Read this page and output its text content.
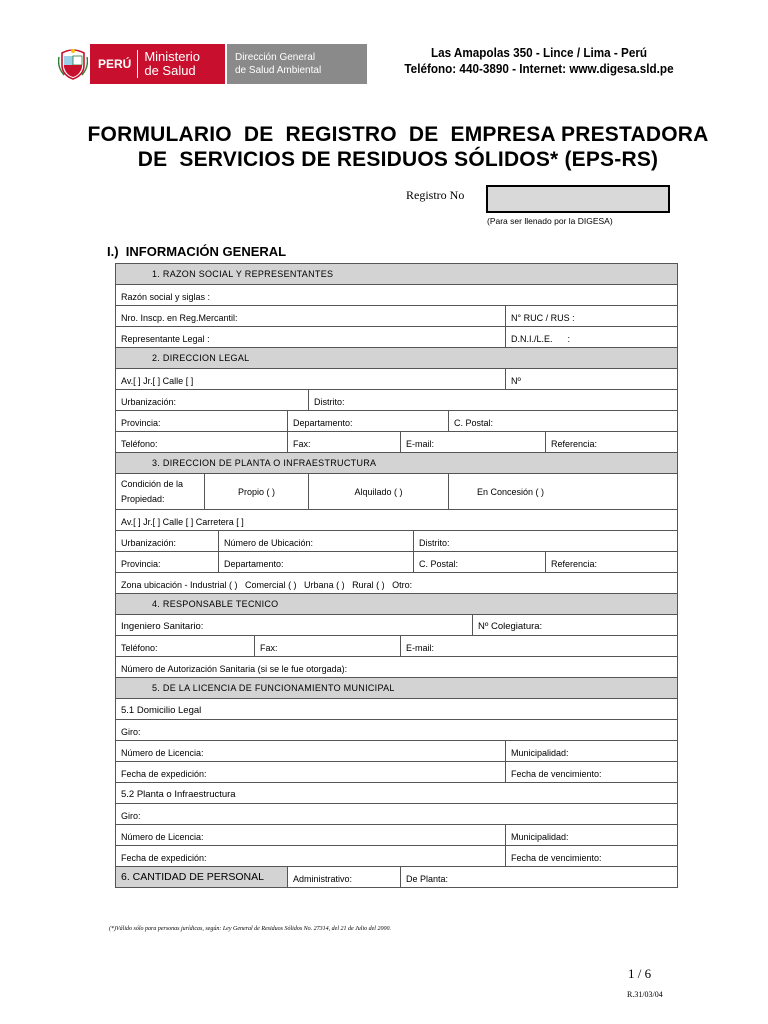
PERÚ	Ministerio
de Salud
Dirección General
de Salud Ambiental
Las Amapolas 350 - Lince / Lima - Perú
Teléfono: 440-3890 - Internet: www.digesa.sld.pe
FORMULARIO  DE  REGISTRO  DE  EMPRESA PRESTADORA
DE  SERVICIOS DE RESIDUOS SÓLIDOS* (EPS-RS)
Registro No
(Para ser llenado por la DIGESA)
I.)  INFORMACIÓN GENERAL
1. RAZON SOCIAL Y REPRESENTANTES											
Razón social y siglas :											
Nro. Inscp. en Reg.Mercantil:										N° RUC / RUS :	
Representante Legal :										D.N.I./L.E.      :	
2. DIRECCION LEGAL											
Av.[ ] Jr.[ ] Calle [ ]										Nº	
Urbanización:					Distrito:						
Provincia:				Departamento:				C. Postal:			
Teléfono:				Fax:		E-mail:					Referencia:
3. DIRECCION DE PLANTA O INFRAESTRUCTURA											

Condición de la
Propiedad:	Propio ( )				Alquilado ( )			En Concesión ( )			
Av.[ ] Jr.[ ] Calle [ ] Carretera [ ]											
Urbanización:		Número de Ubicación:					Distrito:				
Provincia:		Departamento:					C. Postal:				Referencia:
Zona ubicación - Industrial ( )   Comercial ( )   Urbana ( )   Rural ( )   Otro:											
4. RESPONSABLE TECNICO											
Ingeniero Sanitario:									Nº Colegiatura:		
Teléfono:			Fax:			E-mail:					
Número de Autorización Sanitaria (si se le fue otorgada):											
5. DE LA LICENCIA DE FUNCIONAMIENTO MUNICIPAL											
5.1 Domicilio Legal											
Giro:											
Número de Licencia:										Municipalidad:	
Fecha de expedición:										Fecha de vencimiento:	
5.2 Planta o Infraestructura											
Giro:											
Número de Licencia:										Municipalidad:	
Fecha de expedición:										Fecha de vencimiento:	
6. CANTIDAD DE PERSONAL				Administrativo:		De Planta:					
(*)Válido sólo para personas jurídicas, según: Ley General de Residuos Sólidos No. 27314, del 21 de Julio del 2000.
1 / 6
R.31/03/04
